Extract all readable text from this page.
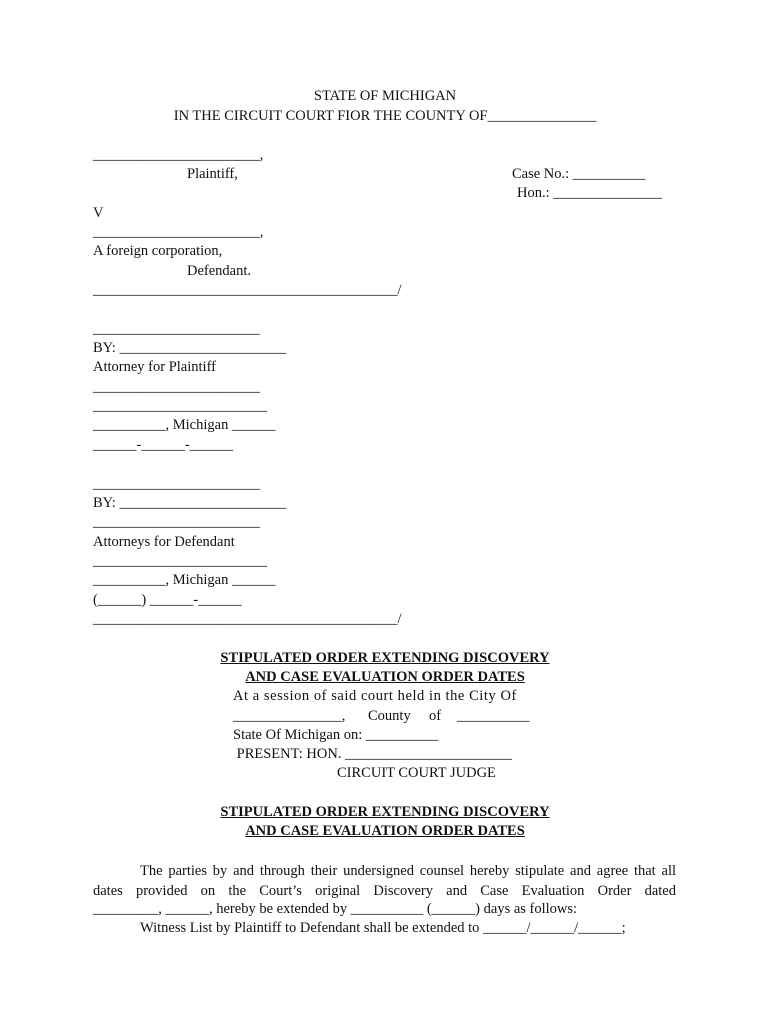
STATE OF MICHIGAN
IN THE CIRCUIT COURT FIOR THE COUNTY OF_______________
_______________________,
Plaintiff,	Case No.: __________
Hon.: _______________
V
_______________________,
A foreign corporation,
Defendant.
__________________________________________/
_______________________
BY: _______________________
Attorney for Plaintiff
_______________________
________________________
__________, Michigan ______
______-______-______
_______________________
BY: _______________________
_______________________
Attorneys for Defendant
________________________
__________, Michigan ______
(______) ______-______
__________________________________________/
STIPULATED ORDER EXTENDING DISCOVERY
AND CASE EVALUATION ORDER DATES
At a session of said court held in the City Of
_______________, County of __________
State Of Michigan on: __________
PRESENT: HON. _______________________
CIRCUIT COURT JUDGE
STIPULATED ORDER EXTENDING DISCOVERY
AND CASE EVALUATION ORDER DATES
The parties by and through their undersigned counsel hereby stipulate and agree that all dates provided on the Court’s original Discovery and Case Evaluation Order dated
_________, ______, hereby be extended by __________ (______) days as follows:
Witness List by Plaintiff to Defendant shall be extended to ______/______/______;
